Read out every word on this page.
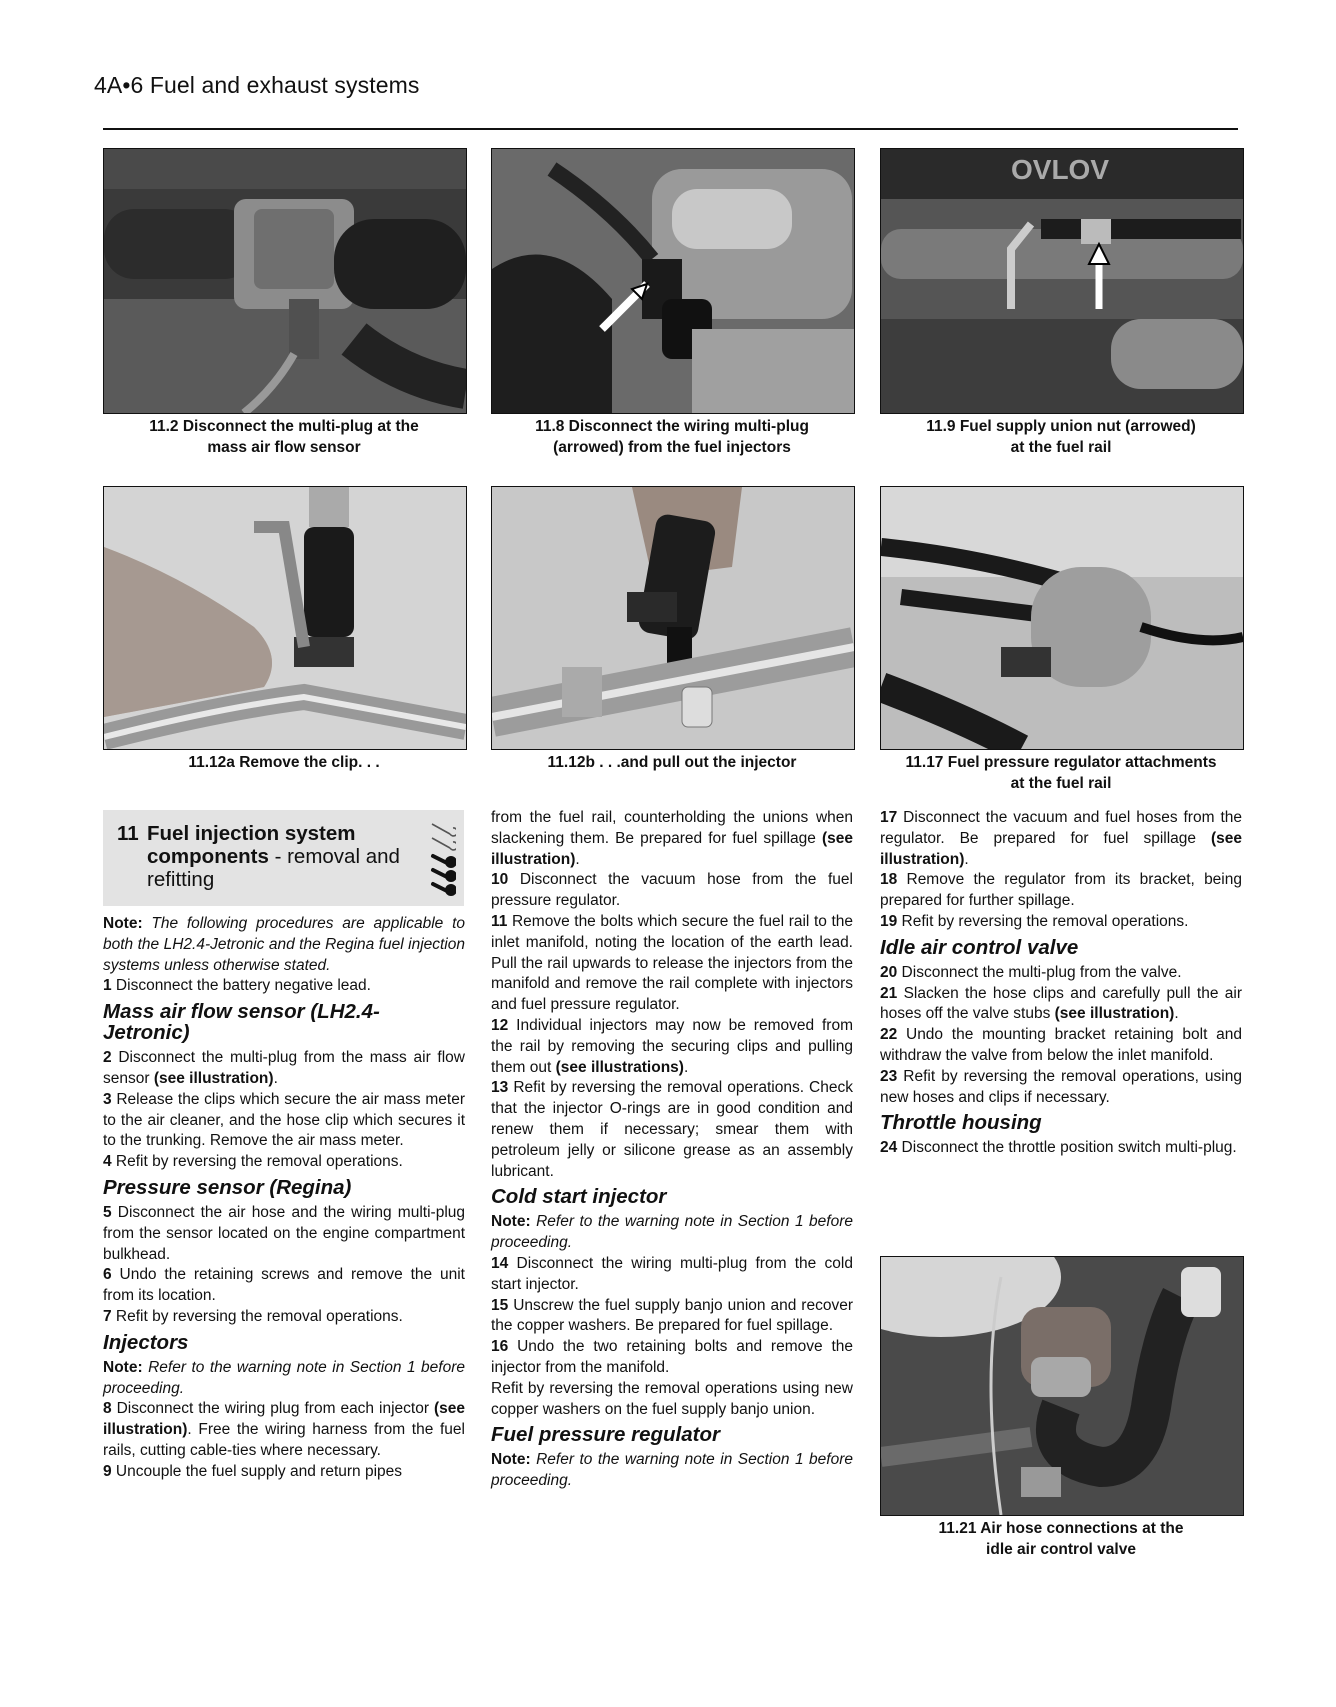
4A•6 Fuel and exhaust systems
OVLOV
11.2 Disconnect the multi-plug at the
mass air flow sensor
11.8 Disconnect the wiring multi-plug
(arrowed) from the fuel injectors
11.9 Fuel supply union nut (arrowed)
at the fuel rail
11.12a Remove the clip. . .	11.12b . . .and pull out the injector	11.17 Fuel pressure regulator attachments
at the fuel rail
11 Fuel injection system
components - removal and
refitting

Note: The following procedures are applicable to both the LH2.4-Jetronic and the Regina fuel injection systems unless otherwise stated.

1 Disconnect the battery negative lead.

Mass air flow sensor (LH2.4-Jetronic)

2 Disconnect the multi-plug from the mass air flow sensor (see illustration).

3 Release the clips which secure the air mass meter to the air cleaner, and the hose clip which secures it to the trunking. Remove the air mass meter.

4 Refit by reversing the removal operations.

Pressure sensor (Regina)

5 Disconnect the air hose and the wiring multi-plug from the sensor located on the engine compartment bulkhead.

6 Undo the retaining screws and remove the unit from its location.

7 Refit by reversing the removal operations.

Injectors

Note: Refer to the warning note in Section 1 before proceeding.

8 Disconnect the wiring plug from each injector (see illustration). Free the wiring harness from the fuel rails, cutting cable-ties where necessary.

9 Uncouple the fuel supply and return pipes

from the fuel rail, counterholding the unions when slackening them. Be prepared for fuel spillage (see illustration).

10 Disconnect the vacuum hose from the fuel pressure regulator.

11 Remove the bolts which secure the fuel rail to the inlet manifold, noting the location of the earth lead. Pull the rail upwards to release the injectors from the manifold and remove the rail complete with injectors and fuel pressure regulator.

12 Individual injectors may now be removed from the rail by removing the securing clips and pulling them out (see illustrations).

13 Refit by reversing the removal operations. Check that the injector O-rings are in good condition and renew them if necessary; smear them with petroleum jelly or silicone grease as an assembly lubricant.

Cold start injector

Note: Refer to the warning note in Section 1 before proceeding.

14 Disconnect the wiring multi-plug from the cold start injector.

15 Unscrew the fuel supply banjo union and recover the copper washers. Be prepared for fuel spillage.

16 Undo the two retaining bolts and remove the injector from the manifold.

Refit by reversing the removal operations using new copper washers on the fuel supply banjo union.

Fuel pressure regulator

Note: Refer to the warning note in Section 1 before proceeding.

17 Disconnect the vacuum and fuel hoses from the regulator. Be prepared for fuel spillage (see illustration).

18 Remove the regulator from its bracket, being prepared for further spillage.

19 Refit by reversing the removal operations.

Idle air control valve

20 Disconnect the multi-plug from the valve.

21 Slacken the hose clips and carefully pull the air hoses off the valve stubs (see illustration).

22 Undo the mounting bracket retaining bolt and withdraw the valve from below the inlet manifold.

23 Refit by reversing the removal operations, using new hoses and clips if necessary.

Throttle housing

24 Disconnect the throttle position switch multi-plug.

11.21 Air hose connections at the
idle air control valve
